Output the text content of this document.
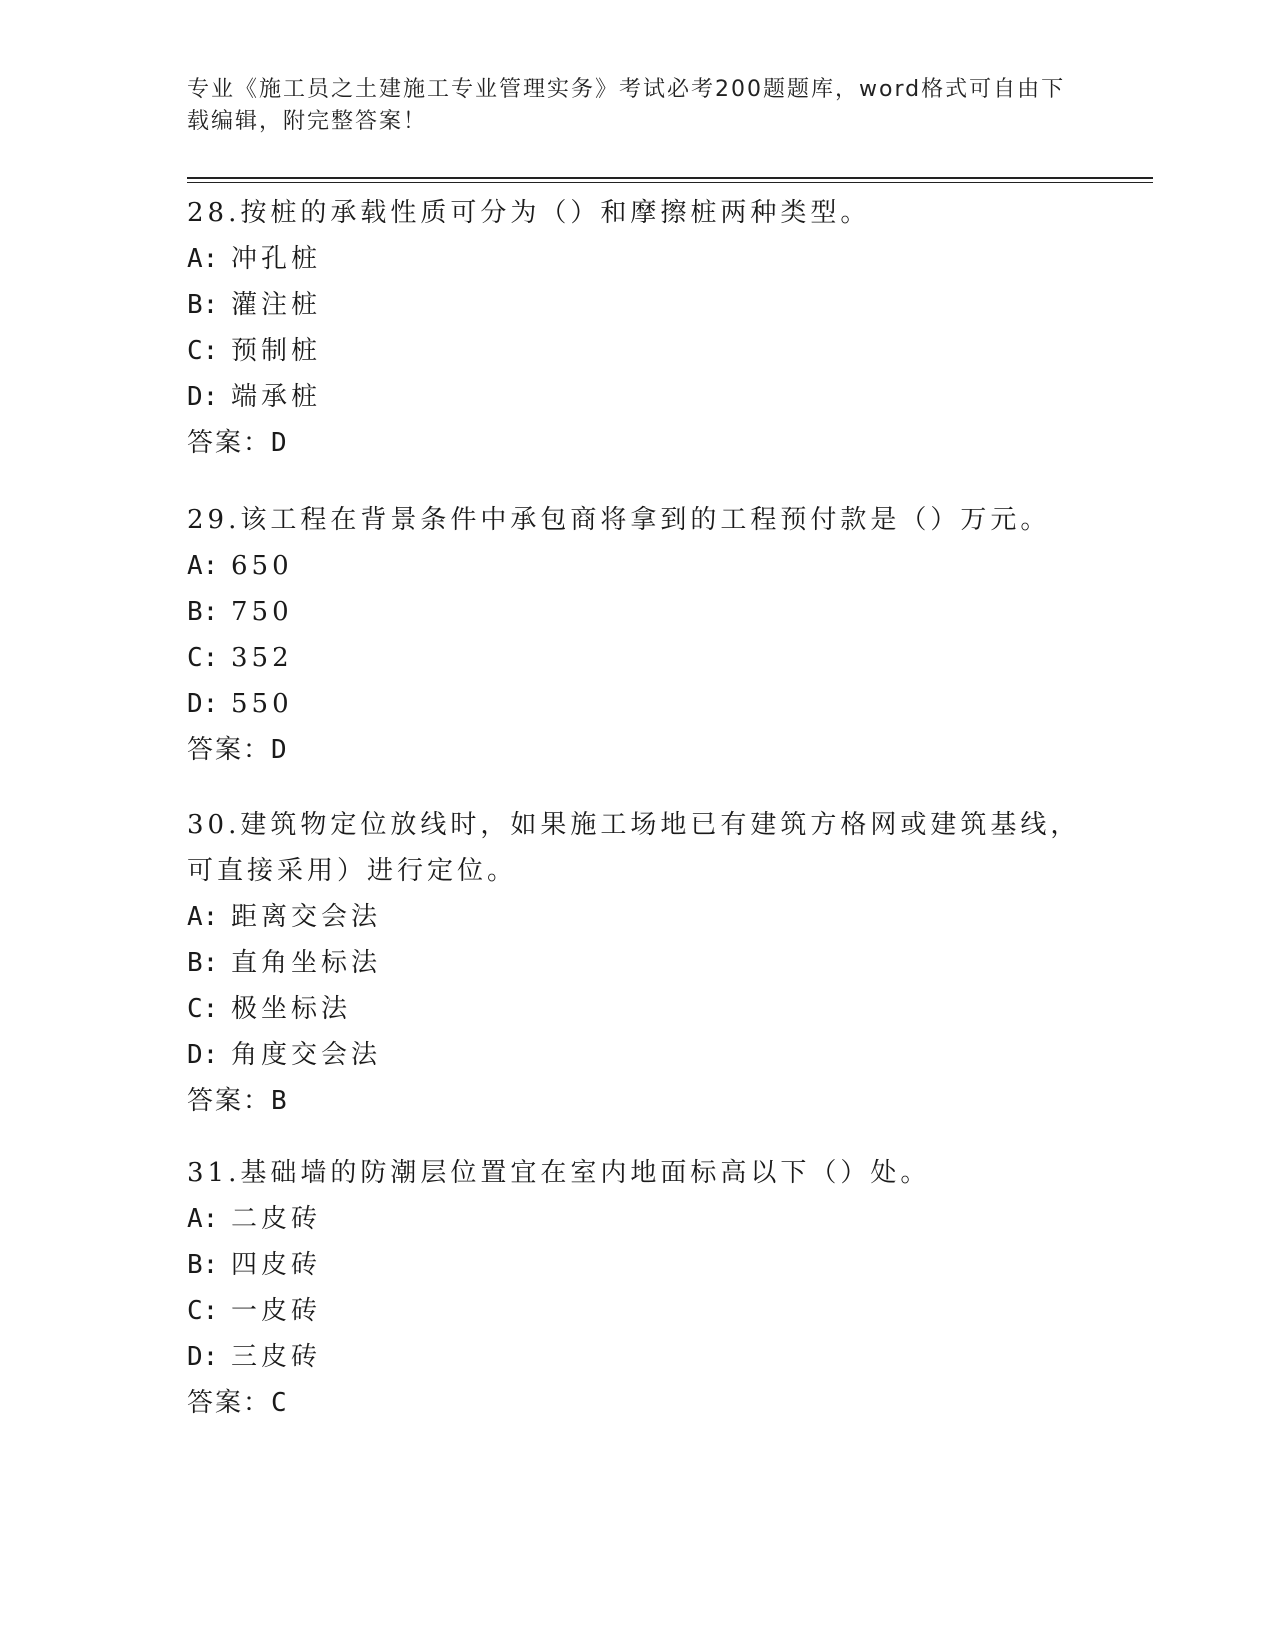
专业《施工员之土建施工专业管理实务》考试必考200题题库，word格式可自由下载编辑，附完整答案！

28.按桩的承载性质可分为（）和摩擦桩两种类型。

A: 冲孔桩
B: 灌注桩
C: 预制桩
D: 端承桩
答案：D

29.该工程在背景条件中承包商将拿到的工程预付款是（）万元。

A: 650
B: 750
C: 352
D: 550
答案：D

30.建筑物定位放线时，如果施工场地已有建筑方格网或建筑基线，可直接采用）进行定位。

A: 距离交会法
B: 直角坐标法
C: 极坐标法
D: 角度交会法
答案：B

31.基础墙的防潮层位置宜在室内地面标高以下（）处。

A: 二皮砖
B: 四皮砖
C: 一皮砖
D: 三皮砖
答案：C
